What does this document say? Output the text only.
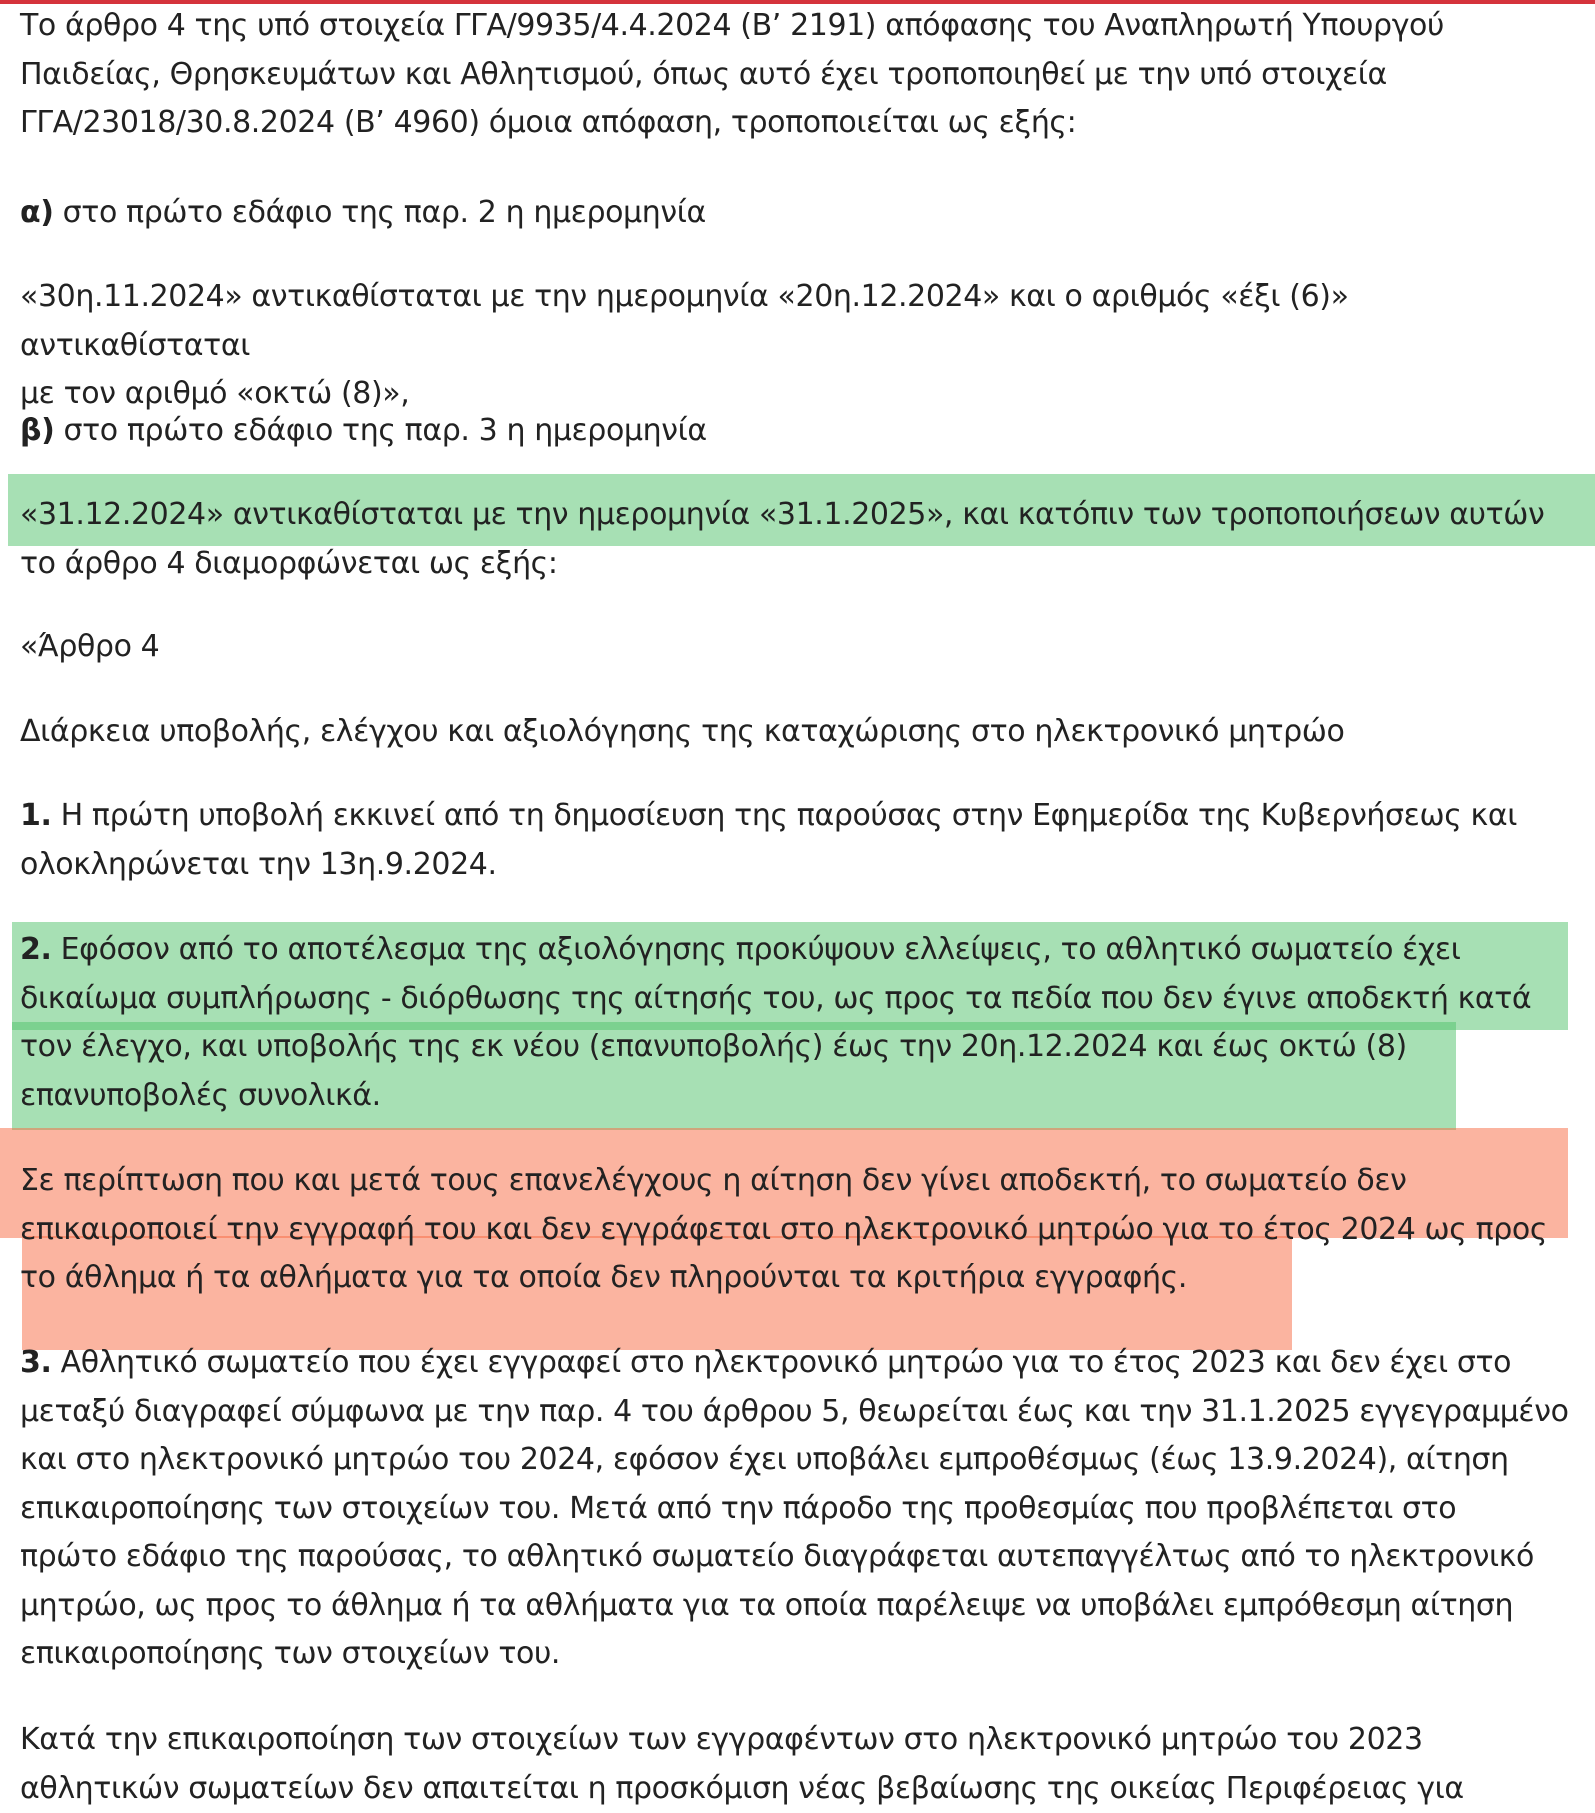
Το άρθρο 4 της υπό στοιχεία ΓΓΑ/9935/4.4.2024 (Β’ 2191) απόφασης του Αναπληρωτή Υπουργού
Παιδείας, Θρησκευμάτων και Αθλητισμού, όπως αυτό έχει τροποποιηθεί με την υπό στοιχεία
ΓΓΑ/23018/30.8.2024 (Β’ 4960) όμοια απόφαση, τροποποιείται ως εξής:

α) στο πρώτο εδάφιο της παρ. 2 η ημερομηνία

«30η.11.2024» αντικαθίσταται με την ημερομηνία «20η.12.2024» και ο αριθμός «έξι (6)» αντικαθίσταται
με τον αριθμό «οκτώ (8)»,

β) στο πρώτο εδάφιο της παρ. 3 η ημερομηνία

«31.12.2024» αντικαθίσταται με την ημερομηνία «31.1.2025», και κατόπιν των τροποποιήσεων αυτών
το άρθρο 4 διαμορφώνεται ως εξής:

«Άρθρο 4

Διάρκεια υποβολής, ελέγχου και αξιολόγησης της καταχώρισης στο ηλεκτρονικό μητρώο

1. Η πρώτη υποβολή εκκινεί από τη δημοσίευση της παρούσας στην Εφημερίδα της Κυβερνήσεως και
ολοκληρώνεται την 13η.9.2024.

2. Εφόσον από το αποτέλεσμα της αξιολόγησης προκύψουν ελλείψεις, το αθλητικό σωματείο έχει
δικαίωμα συμπλήρωσης - διόρθωσης της αίτησής του, ως προς τα πεδία που δεν έγινε αποδεκτή κατά
τον έλεγχο, και υποβολής της εκ νέου (επανυποβολής) έως την 20η.12.2024 και έως οκτώ (8)
επανυποβολές συνολικά.

Σε περίπτωση που και μετά τους επανελέγχους η αίτηση δεν γίνει αποδεκτή, το σωματείο δεν
επικαιροποιεί την εγγραφή του και δεν εγγράφεται στο ηλεκτρονικό μητρώο για το έτος 2024 ως προς
το άθλημα ή τα αθλήματα για τα οποία δεν πληρούνται τα κριτήρια εγγραφής.

3. Αθλητικό σωματείο που έχει εγγραφεί στο ηλεκτρονικό μητρώο για το έτος 2023 και δεν έχει στο
μεταξύ διαγραφεί σύμφωνα με την παρ. 4 του άρθρου 5, θεωρείται έως και την 31.1.2025 εγγεγραμμένο
και στο ηλεκτρονικό μητρώο του 2024, εφόσον έχει υποβάλει εμπροθέσμως (έως 13.9.2024), αίτηση
επικαιροποίησης των στοιχείων του. Μετά από την πάροδο της προθεσμίας που προβλέπεται στο
πρώτο εδάφιο της παρούσας, το αθλητικό σωματείο διαγράφεται αυτεπαγγέλτως από το ηλεκτρονικό
μητρώο, ως προς το άθλημα ή τα αθλήματα για τα οποία παρέλειψε να υποβάλει εμπρόθεσμη αίτηση
επικαιροποίησης των στοιχείων του.

Κατά την επικαιροποίηση των στοιχείων των εγγραφέντων στο ηλεκτρονικό μητρώο του 2023
αθλητικών σωματείων δεν απαιτείται η προσκόμιση νέας βεβαίωσης της οικείας Περιφέρειας για
